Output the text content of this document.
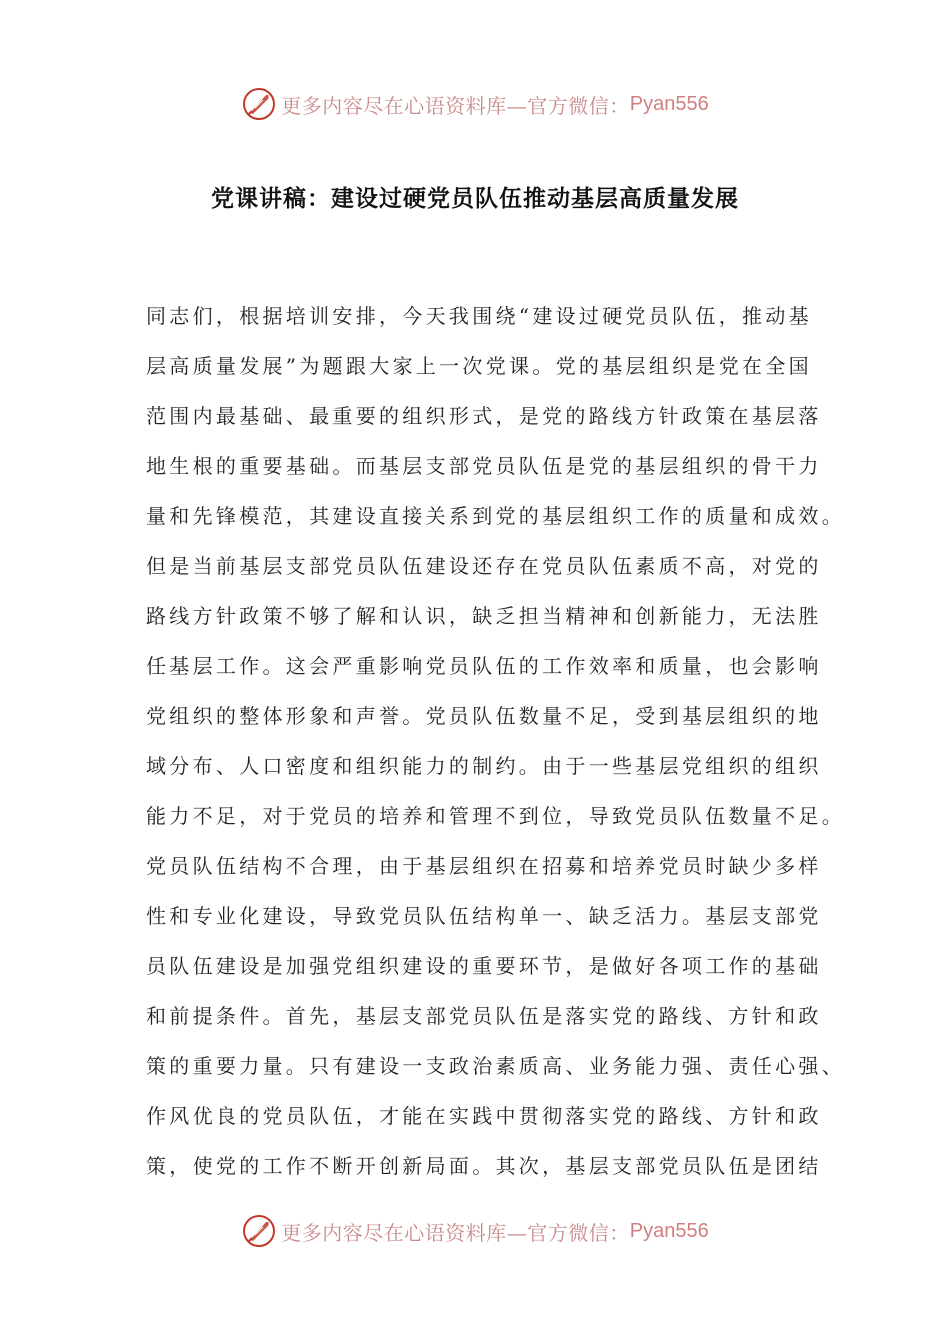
更多内容尽在心语资料库—官方微信： Pyan556
党课讲稿：建设过硬党员队伍推动基层高质量发展
同志们，根据培训安排，今天我围绕“建设过硬党员队伍，推动基
层高质量发展”为题跟大家上一次党课。党的基层组织是党在全国
范围内最基础、最重要的组织形式，是党的路线方针政策在基层落
地生根的重要基础。而基层支部党员队伍是党的基层组织的骨干力
量和先锋模范，其建设直接关系到党的基层组织工作的质量和成效。
但是当前基层支部党员队伍建设还存在党员队伍素质不高，对党的
路线方针政策不够了解和认识，缺乏担当精神和创新能力，无法胜
任基层工作。这会严重影响党员队伍的工作效率和质量，也会影响
党组织的整体形象和声誉。党员队伍数量不足，受到基层组织的地
域分布、人口密度和组织能力的制约。由于一些基层党组织的组织
能力不足，对于党员的培养和管理不到位，导致党员队伍数量不足。
党员队伍结构不合理，由于基层组织在招募和培养党员时缺少多样
性和专业化建设，导致党员队伍结构单一、缺乏活力。基层支部党
员队伍建设是加强党组织建设的重要环节，是做好各项工作的基础
和前提条件。首先，基层支部党员队伍是落实党的路线、方针和政
策的重要力量。只有建设一支政治素质高、业务能力强、责任心强、
作风优良的党员队伍，才能在实践中贯彻落实党的路线、方针和政
策，使党的工作不断开创新局面。其次，基层支部党员队伍是团结
更多内容尽在心语资料库—官方微信： Pyan556
